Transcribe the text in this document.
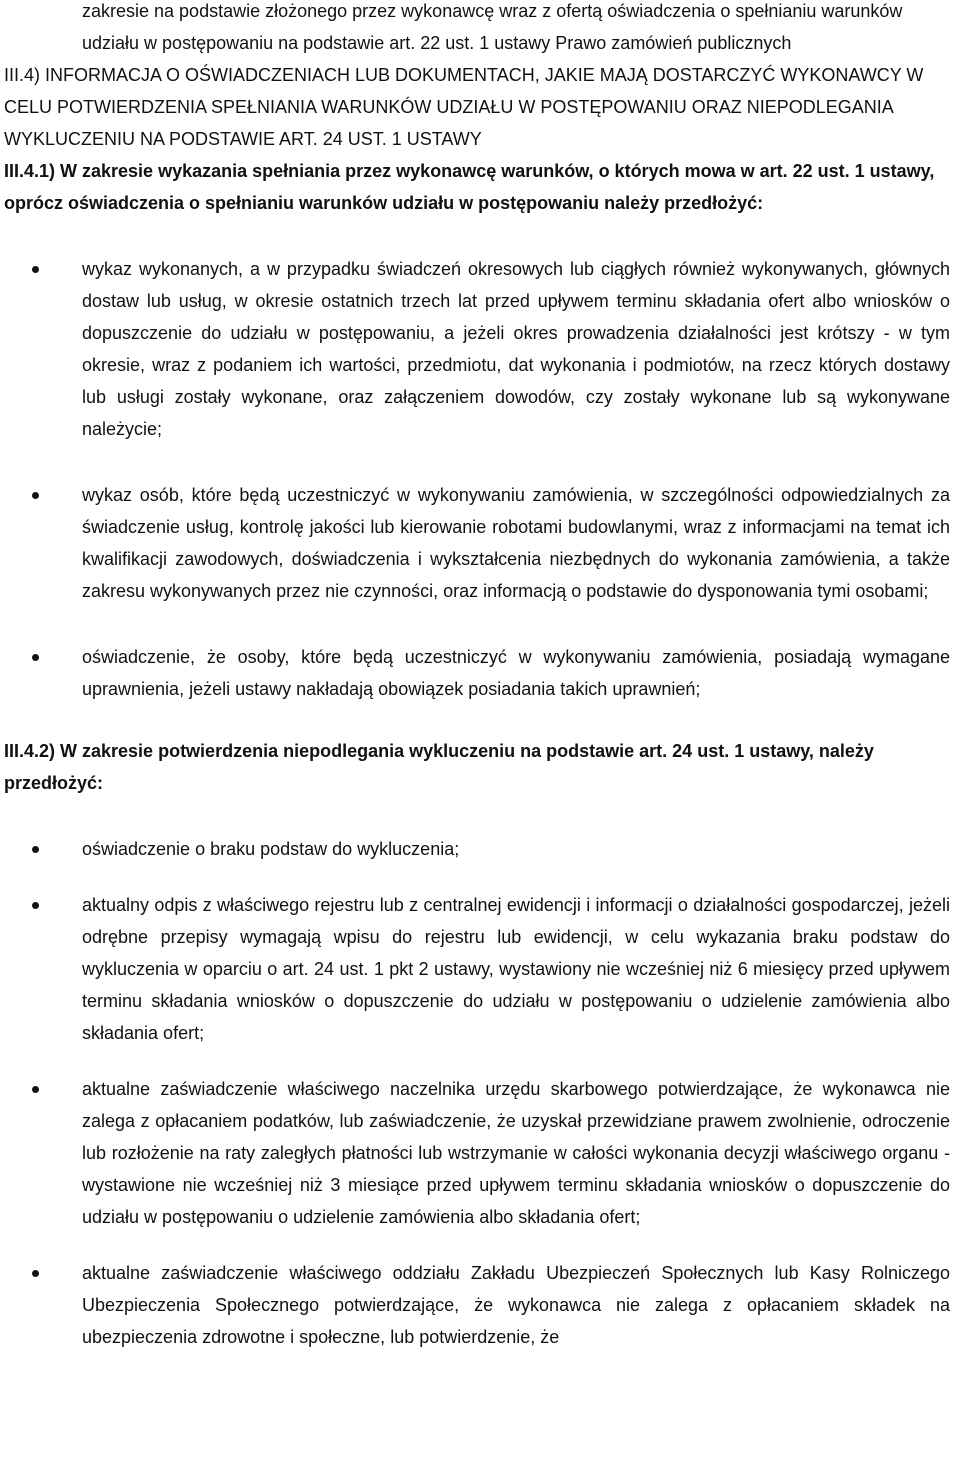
zakresie na podstawie złożonego przez wykonawcę wraz z ofertą oświadczenia o spełnianiu warunków udziału w postępowaniu na podstawie art. 22 ust. 1 ustawy Prawo zamówień publicznych

III.4) INFORMACJA O OŚWIADCZENIACH LUB DOKUMENTACH, JAKIE MAJĄ DOSTARCZYĆ WYKONAWCY W CELU POTWIERDZENIA SPEŁNIANIA WARUNKÓW UDZIAŁU W POSTĘPOWANIU ORAZ NIEPODLEGANIA WYKLUCZENIU NA PODSTAWIE ART. 24 UST. 1 USTAWY

III.4.1) W zakresie wykazania spełniania przez wykonawcę warunków, o których mowa w art. 22 ust. 1 ustawy, oprócz oświadczenia o spełnianiu warunków udziału w postępowaniu należy przedłożyć:

wykaz wykonanych, a w przypadku świadczeń okresowych lub ciągłych również wykonywanych, głównych dostaw lub usług, w okresie ostatnich trzech lat przed upływem terminu składania ofert albo wniosków o dopuszczenie do udziału w postępowaniu, a jeżeli okres prowadzenia działalności jest krótszy - w tym okresie, wraz z podaniem ich wartości, przedmiotu, dat wykonania i podmiotów, na rzecz których dostawy lub usługi zostały wykonane, oraz załączeniem dowodów, czy zostały wykonane lub są wykonywane należycie;
wykaz osób, które będą uczestniczyć w wykonywaniu zamówienia, w szczególności odpowiedzialnych za świadczenie usług, kontrolę jakości lub kierowanie robotami budowlanymi, wraz z informacjami na temat ich kwalifikacji zawodowych, doświadczenia i wykształcenia niezbędnych do wykonania zamówienia, a także zakresu wykonywanych przez nie czynności, oraz informacją o podstawie do dysponowania tymi osobami;
oświadczenie, że osoby, które będą uczestniczyć w wykonywaniu zamówienia, posiadają wymagane uprawnienia, jeżeli ustawy nakładają obowiązek posiadania takich uprawnień;

III.4.2) W zakresie potwierdzenia niepodlegania wykluczeniu na podstawie art. 24 ust. 1 ustawy, należy przedłożyć:

oświadczenie o braku podstaw do wykluczenia;
aktualny odpis z właściwego rejestru lub z centralnej ewidencji i informacji o działalności gospodarczej, jeżeli odrębne przepisy wymagają wpisu do rejestru lub ewidencji, w celu wykazania braku podstaw do wykluczenia w oparciu o art. 24 ust. 1 pkt 2 ustawy, wystawiony nie wcześniej niż 6 miesięcy przed upływem terminu składania wniosków o dopuszczenie do udziału w postępowaniu o udzielenie zamówienia albo składania ofert;
aktualne zaświadczenie właściwego naczelnika urzędu skarbowego potwierdzające, że wykonawca nie zalega z opłacaniem podatków, lub zaświadczenie, że uzyskał przewidziane prawem zwolnienie, odroczenie lub rozłożenie na raty zaległych płatności lub wstrzymanie w całości wykonania decyzji właściwego organu - wystawione nie wcześniej niż 3 miesiące przed upływem terminu składania wniosków o dopuszczenie do udziału w postępowaniu o udzielenie zamówienia albo składania ofert;
aktualne zaświadczenie właściwego oddziału Zakładu Ubezpieczeń Społecznych lub Kasy Rolniczego Ubezpieczenia Społecznego potwierdzające, że wykonawca nie zalega z opłacaniem składek na ubezpieczenia zdrowotne i społeczne, lub potwierdzenie, że
